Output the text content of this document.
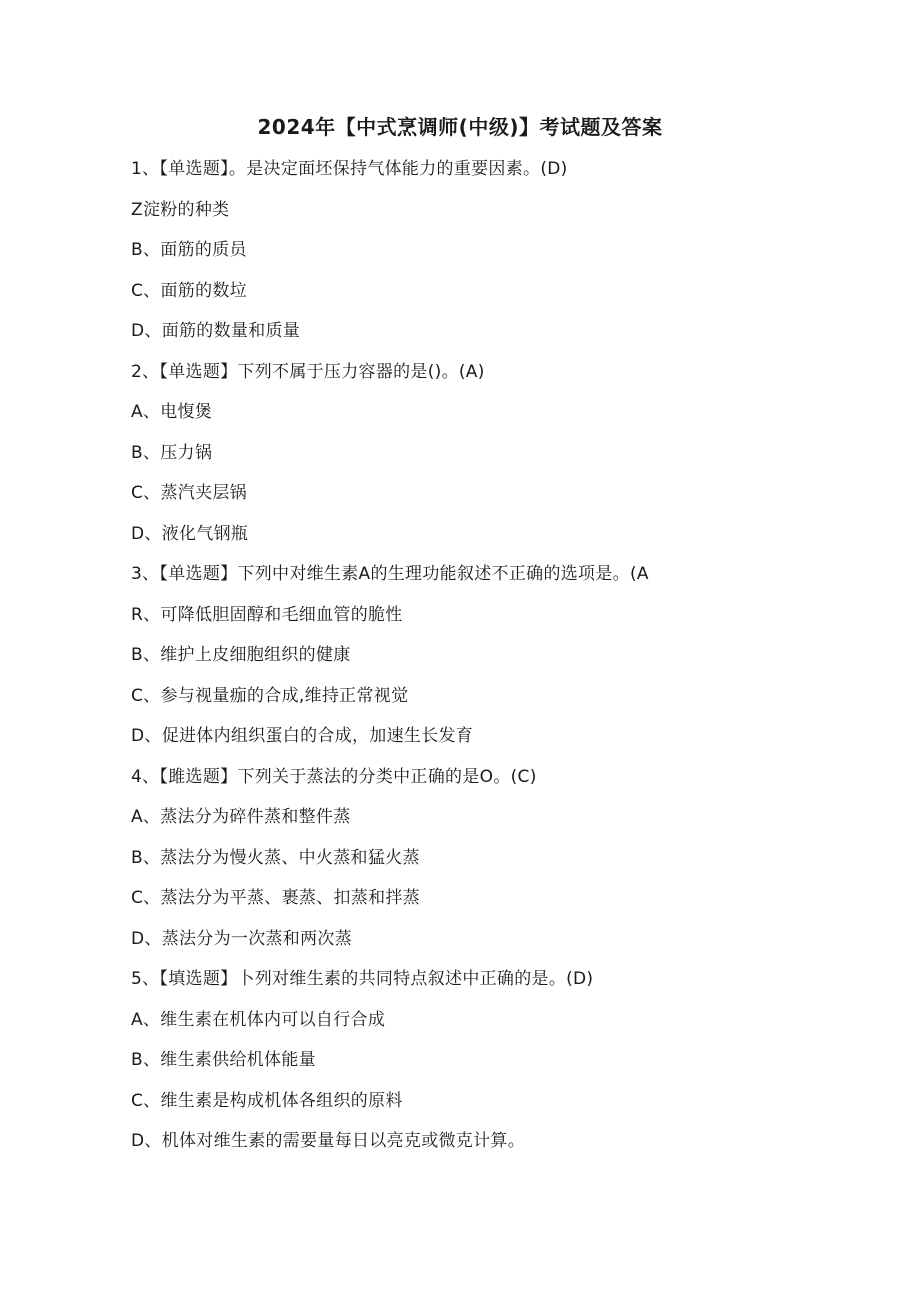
2024年【中式烹调师(中级)】考试题及答案
1、【单选题】。是决定面坯保持气体能力的重要因素。(D)
Z淀粉的种类
B、面筋的质员
C、面筋的数垃
D、面筋的数量和质量
2、【单选题】下列不属于压力容器的是()。(A)
A、电愎煲
B、压力锅
C、蒸汽夹层锅
D、液化气钢瓶
3、【单选题】下列中对维生素A的生理功能叙述不正确的选项是。(A
R、可降低胆固醇和毛细血管的脆性
B、维护上皮细胞组织的健康
C、参与视量痂的合成,维持正常视觉
D、促进体内组织蛋白的合成，加速生长发育
4、【雎选题】下列关于蒸法的分类中正确的是O。(C)
A、蒸法分为碎件蒸和整件蒸
B、蒸法分为慢火蒸、中火蒸和猛火蒸
C、蒸法分为平蒸、裹蒸、扣蒸和拌蒸
D、蒸法分为一次蒸和两次蒸
5、【填选题】卜列对维生素的共同特点叙述中正确的是。(D)
A、维生素在机体内可以自行合成
B、维生素供给机体能量
C、维生素是构成机体各组织的原料
D、机体对维生素的需要量每日以亮克或微克计算。
